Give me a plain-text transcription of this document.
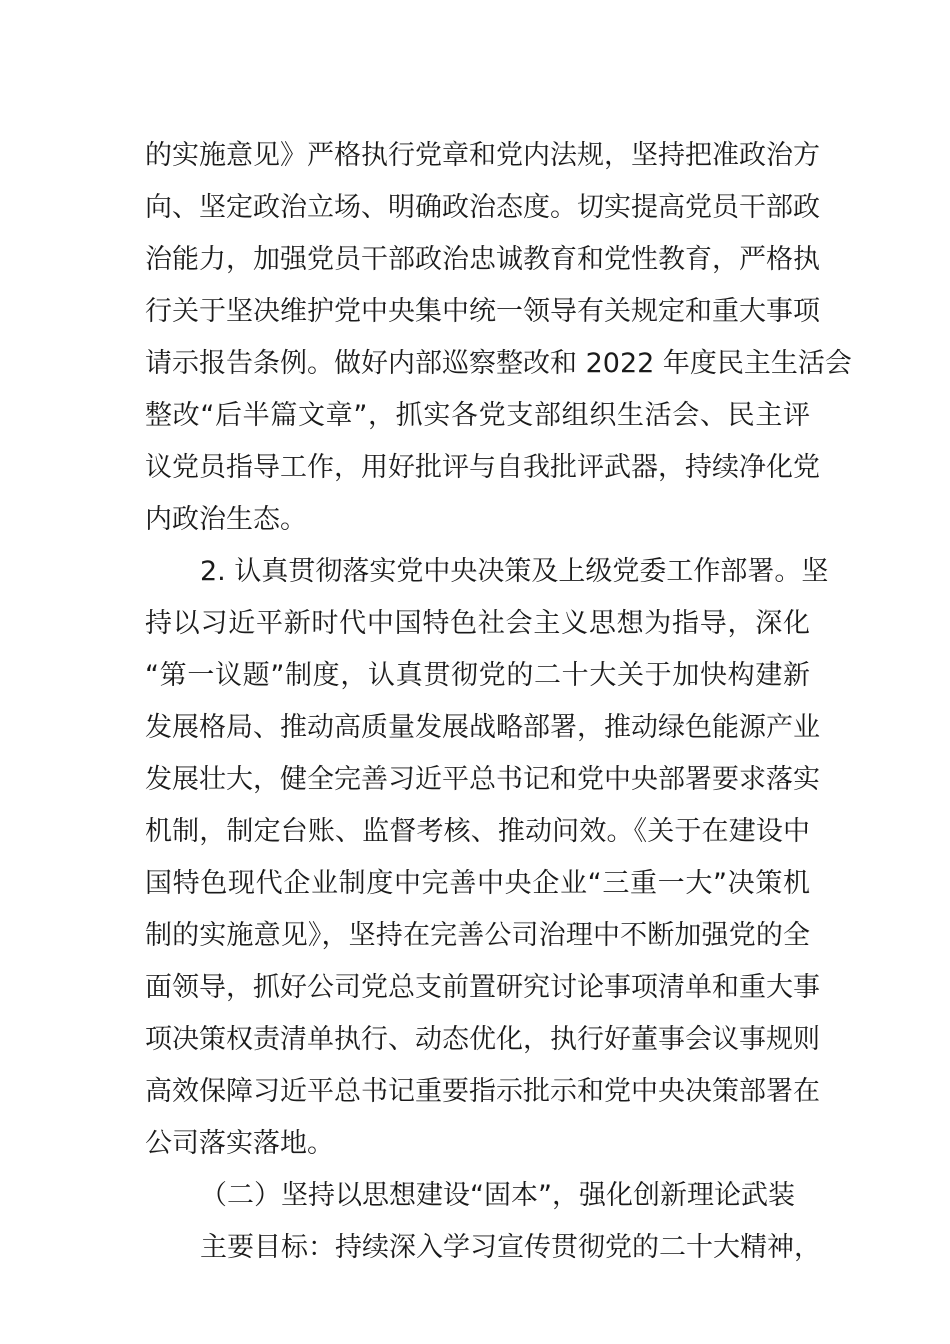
的实施意见》严格执行党章和党内法规，坚持把准政治方
向、坚定政治立场、明确政治态度。切实提高党员干部政
治能力，加强党员干部政治忠诚教育和党性教育，严格执
行关于坚决维护党中央集中统一领导有关规定和重大事项
请示报告条例。做好内部巡察整改和 2022 年度民主生活会
整改“后半篇文章”，抓实各党支部组织生活会、民主评
议党员指导工作，用好批评与自我批评武器，持续净化党
内政治生态。
2. 认真贯彻落实党中央决策及上级党委工作部署。坚
持以习近平新时代中国特色社会主义思想为指导，深化
“第一议题”制度，认真贯彻党的二十大关于加快构建新
发展格局、推动高质量发展战略部署，推动绿色能源产业
发展壮大，健全完善习近平总书记和党中央部署要求落实
机制，制定台账、监督考核、推动问效。《关于在建设中
国特色现代企业制度中完善中央企业“三重一大”决策机
制的实施意见》，坚持在完善公司治理中不断加强党的全
面领导，抓好公司党总支前置研究讨论事项清单和重大事
项决策权责清单执行、动态优化，执行好董事会议事规则
高效保障习近平总书记重要指示批示和党中央决策部署在
公司落实落地。
（二）坚持以思想建设“固本”，强化创新理论武装
主要目标：持续深入学习宣传贯彻党的二十大精神，
